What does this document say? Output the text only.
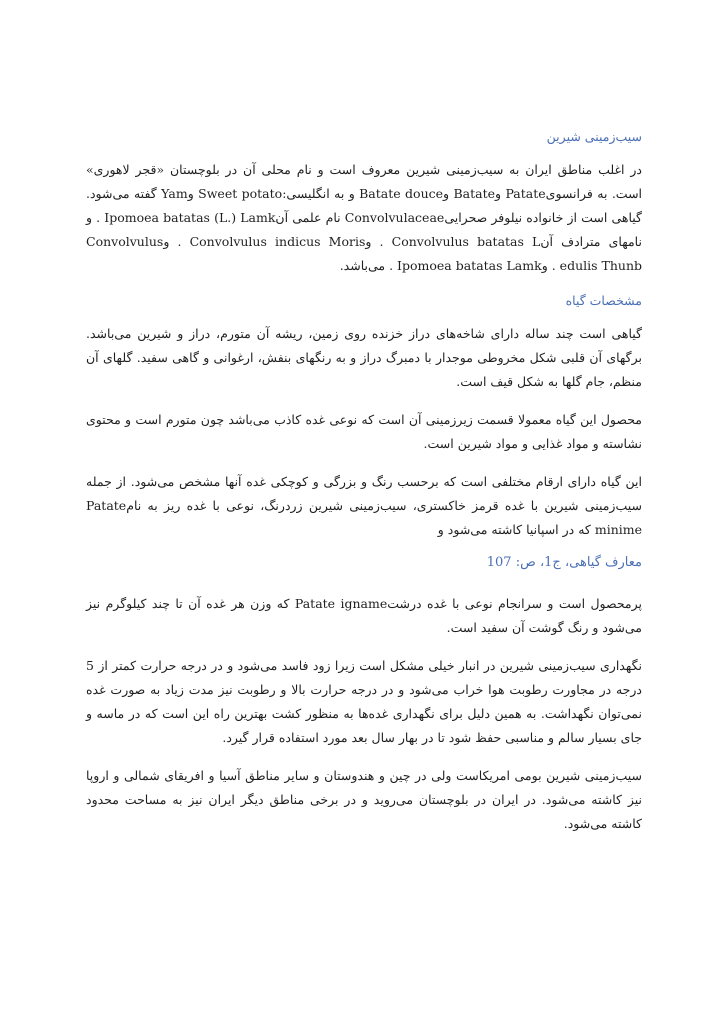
سیب‌زمینی شیرین

در اغلب مناطق ایران به سیب‌زمینی شیرین معروف است و نام محلی آن در بلوچستان «قجر لاهوری» است. به فرانسویPatate وBatate وBatate douce و به انگلیسی:Sweet potato وYam گفته می‌شود. گیاهی است از خانواده نیلوفر صحراییConvolvulaceae نام علمی آنIpomoea batatas (L.) Lamk . و نامهای مترادف آنConvolvulus batatas L . وConvolvulus indicus Moris . وConvolvulus edulis Thunb . وIpomoea batatas Lamk . می‌باشد.

مشخصات گیاه

گیاهی است چند ساله دارای شاخه‌های دراز خزنده روی زمین، ریشه آن متورم، دراز و شیرین می‌باشد. برگهای آن قلبی شکل مخروطی موجدار با دمبرگ دراز و به رنگهای بنفش، ارغوانی و گاهی سفید. گلهای آن منظم، جام گلها به شکل قیف است.

محصول این گیاه معمولا قسمت زیرزمینی آن است که نوعی غده کاذب می‌باشد چون متورم است و محتوی نشاسته و مواد غذایی و مواد شیرین است.

این گیاه دارای ارقام مختلفی است که برحسب رنگ و بزرگی و کوچکی غده آنها مشخص می‌شود. از جمله سیب‌زمینی شیرین با غده قرمز خاکستری، سیب‌زمینی شیرین زردرنگ، نوعی با غده ریز به نامPatate minime که در اسپانیا کاشته می‌شود و

معارف گیاهی، ج1، ص: 107

پرمحصول است و سرانجام نوعی با غده درشتPatate igname که وزن هر غده آن تا چند کیلوگرم نیز می‌شود و رنگ گوشت آن سفید است.

نگهداری سیب‌زمینی شیرین در انبار خیلی مشکل است زیرا زود فاسد می‌شود و در درجه حرارت کمتر از 5 درجه در مجاورت رطوبت هوا خراب می‌شود و در درجه حرارت بالا و رطوبت نیز مدت زیاد به صورت غده نمی‌توان نگهداشت. به همین دلیل برای نگهداری غده‌ها به منظور کشت بهترین راه این است که در ماسه و جای بسیار سالم و مناسبی حفظ شود تا در بهار سال بعد مورد استفاده قرار گیرد.

سیب‌زمینی شیرین بومی امریکاست ولی در چین و هندوستان و سایر مناطق آسیا و افریقای شمالی و اروپا نیز کاشته می‌شود. در ایران در بلوچستان می‌روید و در برخی مناطق دیگر ایران نیز به مساحت محدود کاشته می‌شود.
